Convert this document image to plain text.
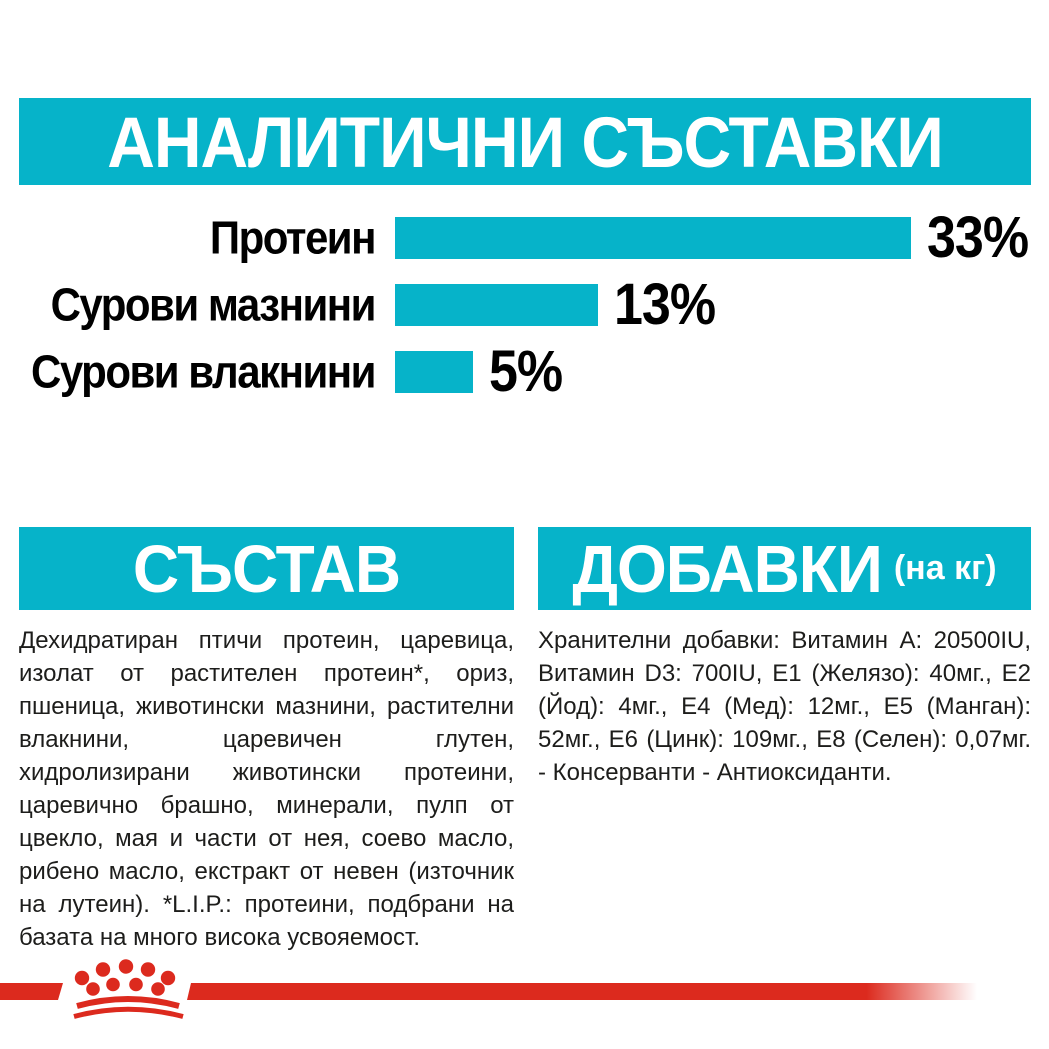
АНАЛИТИЧНИ СЪСТАВКИ
Протеин	33%
Сурови мазнини	13%
Сурови влакнини	5%
СЪСТАВ

Дехидратиран птичи протеин, царевица, изолат от растителен протеин*, ориз, пшеница, животински мазнини, растителни влакнини, царевичен глутен, хидролизирани животински протеини, царевично брашно, минерали, пулп от цвекло, мая и части от нея, соево масло, рибено масло, екстракт от невен (източник на лутеин). *L.I.P.: протеини, подбрани на базата на много висока усвояемост.

ДОБАВКИ (на кг)

Хранителни добавки: Витамин A: 20500IU, Витамин D3: 700IU, E1 (Желязо): 40мг., E2 (Йод): 4мг., E4 (Мед): 12мг., E5 (Манган): 52мг., E6 (Цинк): 109мг., E8 (Селен): 0,07мг. - Консерванти - Антиоксиданти.
